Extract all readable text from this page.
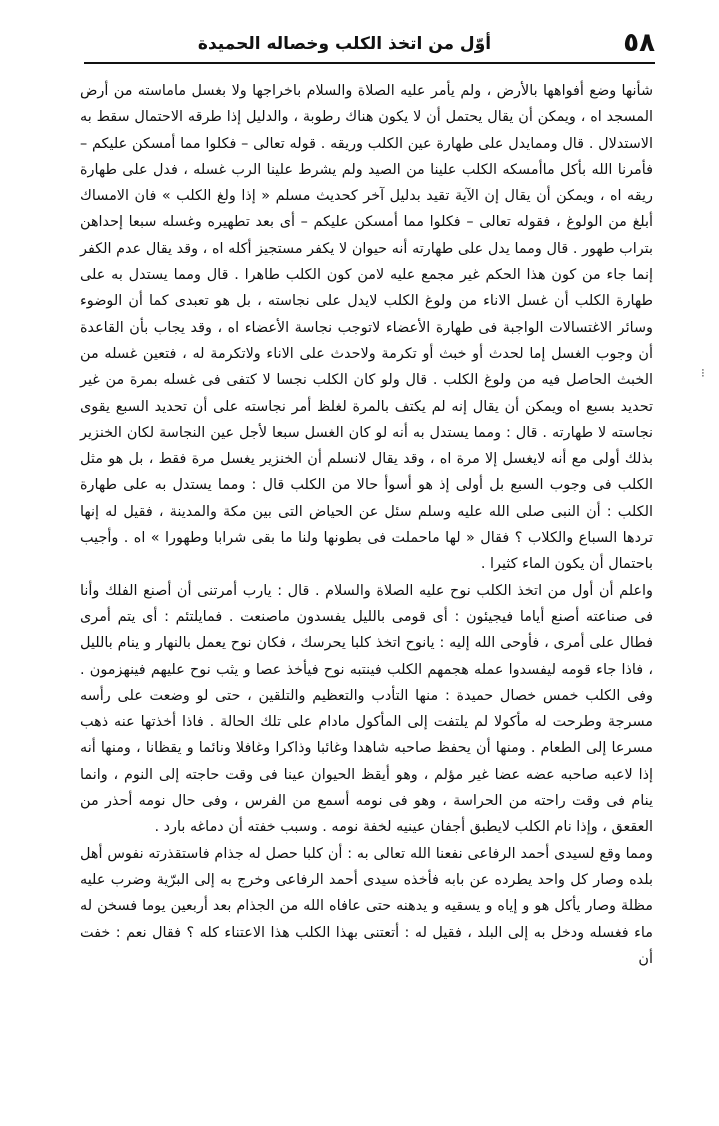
٥٨
أوّل من اتخذ الكلب وخصاله الحميدة

شأنها وضع أفواهها بالأرض ، ولم يأمر عليه الصلاة والسلام باخراجها ولا بغسل ماماسته من أرض المسجد اه ، ويمكن أن يقال يحتمل أن لا يكون هناك رطوبة ، والدليل إذا طرقه الاحتمال سقط به الاستدلال . قال وممايدل على طهارة عين الكلب وريقه . قوله تعالى – فكلوا مما أمسكن عليكم – فأمرنا الله بأكل ماأمسكه الكلب علينا من الصيد ولم يشرط علينا الرب غسله ، فدل على طهارة ريقه اه ، ويمكن أن يقال إن الآية تقيد بدليل آخر كحديث مسلم « إذا ولغ الكلب » فان الامساك أبلغ من الولوغ ، فقوله تعالى – فكلوا مما أمسكن عليكم – أى بعد تطهيره وغسله سبعا إحداهن بتراب طهور . قال ومما يدل على طهارته أنه حيوان لا يكفر مستجيز أكله اه ، وقد يقال عدم الكفر إنما جاء من كون هذا الحكم غير مجمع عليه لامن كون الكلب طاهرا . قال ومما يستدل به على طهارة الكلب أن غسل الاناء من ولوغ الكلب لايدل على نجاسته ، بل هو تعبدى كما أن الوضوء وسائر الاغتسالات الواجبة فى طهارة الأعضاء لاتوجب نجاسة الأعضاء اه ، وقد يجاب بأن القاعدة أن وجوب الغسل إما لحدث أو خبث أو تكرمة ولاحدث على الاناء ولاتكرمة له ، فتعين غسله من الخبث الحاصل فيه من ولوغ الكلب . قال ولو كان الكلب نجسا لا كتفى فى غسله بمرة من غير تحديد بسبع اه ويمكن أن يقال إنه لم يكتف بالمرة لغلظ أمر نجاسته على أن تحديد السبع يقوى نجاسته لا طهارته . قال : ومما يستدل به أنه لو كان الغسل سبعا لأجل عين النجاسة لكان الخنزير بذلك أولى مع أنه لايغسل إلا مرة اه ، وقد يقال لانسلم أن الخنزير يغسل مرة فقط ، بل هو مثل الكلب فى وجوب السبع بل أولى إذ هو أسوأ حالا من الكلب قال : ومما يستدل به على طهارة الكلب : أن النبى صلى الله عليه وسلم سئل عن الحياض التى بين مكة والمدينة ، فقيل له إنها تردها السباع والكلاب ؟ فقال « لها ماحملت فى بطونها ولنا ما بقى شرابا وطهورا » اه . وأجيب باحتمال أن يكون الماء كثيرا .

واعلم أن أول من اتخذ الكلب نوح عليه الصلاة والسلام . قال : يارب أمرتنى أن أصنع الفلك وأنا فى صناعته أصنع أياما فيجيئون : أى قومى بالليل يفسدون ماصنعت . فمايلتئم : أى يتم أمرى فطال على أمرى ، فأوحى الله إليه : يانوح اتخذ كلبا يحرسك ، فكان نوح يعمل بالنهار و ينام بالليل ، فاذا جاء قومه ليفسدوا عمله هجمهم الكلب فينتبه نوح فيأخذ عصا و يثب نوح عليهم فينهزمون . وفى الكلب خمس خصال حميدة : منها التأدب والتعظيم والتلقين ، حتى لو وضعت على رأسه مسرجة وطرحت له مأكولا لم يلتفت إلى المأكول مادام على تلك الحالة . فاذا أخذتها عنه ذهب مسرعا إلى الطعام . ومنها أن يحفظ صاحبه شاهدا وغائبا وذاكرا وغافلا ونائما و يقظانا ، ومنها أنه إذا لاعبه صاحبه عضه عضا غير مؤلم ، وهو أيقظ الحيوان عينا فى وقت حاجته إلى النوم ، وانما ينام فى وقت راحته من الحراسة ، وهو فى نومه أسمع من الفرس ، وفى حال نومه أحذر من العقعق ، وإذا نام الكلب لايطبق أجفان عينيه لخفة نومه . وسبب خفته أن دماغه بارد .

ومما وقع لسيدى أحمد الرفاعى نفعنا الله تعالى به : أن كلبا حصل له جذام فاستقذرته نفوس أهل بلده وصار كل واحد يطرده عن بابه فأخذه سيدى أحمد الرفاعى وخرج به إلى البرّية وضرب عليه مظلة وصار يأكل هو و إياه و يسقيه و يدهنه حتى عافاه الله من الجذام بعد أربعين يوما فسخن له ماء فغسله ودخل به إلى البلد ، فقيل له : أتعتنى بهذا الكلب هذا الاعتناء كله ؟ فقال نعم : خفت أن

⁝
